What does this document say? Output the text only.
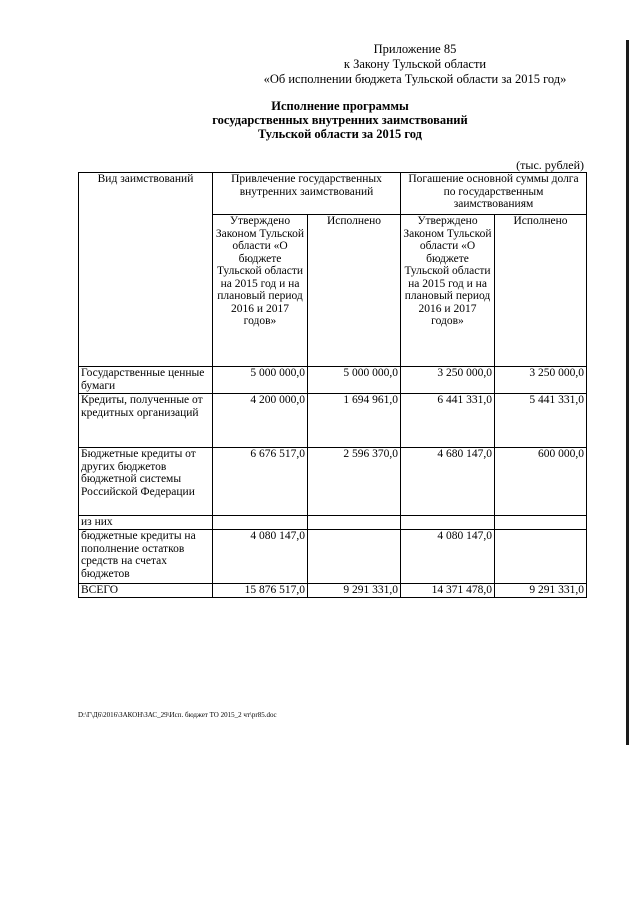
Приложение 85
к Закону Тульской области
«Об исполнении бюджета Тульской области за 2015 год»
Исполнение программы
государственных внутренних заимствований
Тульской области за 2015 год
(тыс. рублей)
Вид заимствований	Привлечение государственных внутренних заимствований		Погашение основной суммы долга по государственным заимствованиям	
	Утверждено Законом Тульской области «О бюджете Тульской области на 2015 год и на плановый период 2016 и 2017 годов»	Исполнено	Утверждено Законом Тульской области «О бюджете Тульской области на 2015 год и на плановый период 2016 и 2017 годов»	Исполнено
Государственные ценные бумаги	5 000 000,0	5 000 000,0	3 250 000,0	3 250 000,0
Кредиты, полученные от кредитных организаций	4 200 000,0	1 694 961,0	6 441 331,0	5 441 331,0
Бюджетные кредиты от других бюджетов бюджетной системы Российской Федерации	6 676 517,0	2 596 370,0	4 680 147,0	600 000,0
из них				
бюджетные кредиты на пополнение остатков средств на счетах бюджетов	4 080 147,0		4 080 147,0	
ВСЕГО	15 876 517,0	9 291 331,0	14 371 478,0	9 291 331,0
D:\Г\Д6\2016\ЗАКОН\ЗАС_29\Исп. бюджет ТО 2015_2 чт\pr85.doc
